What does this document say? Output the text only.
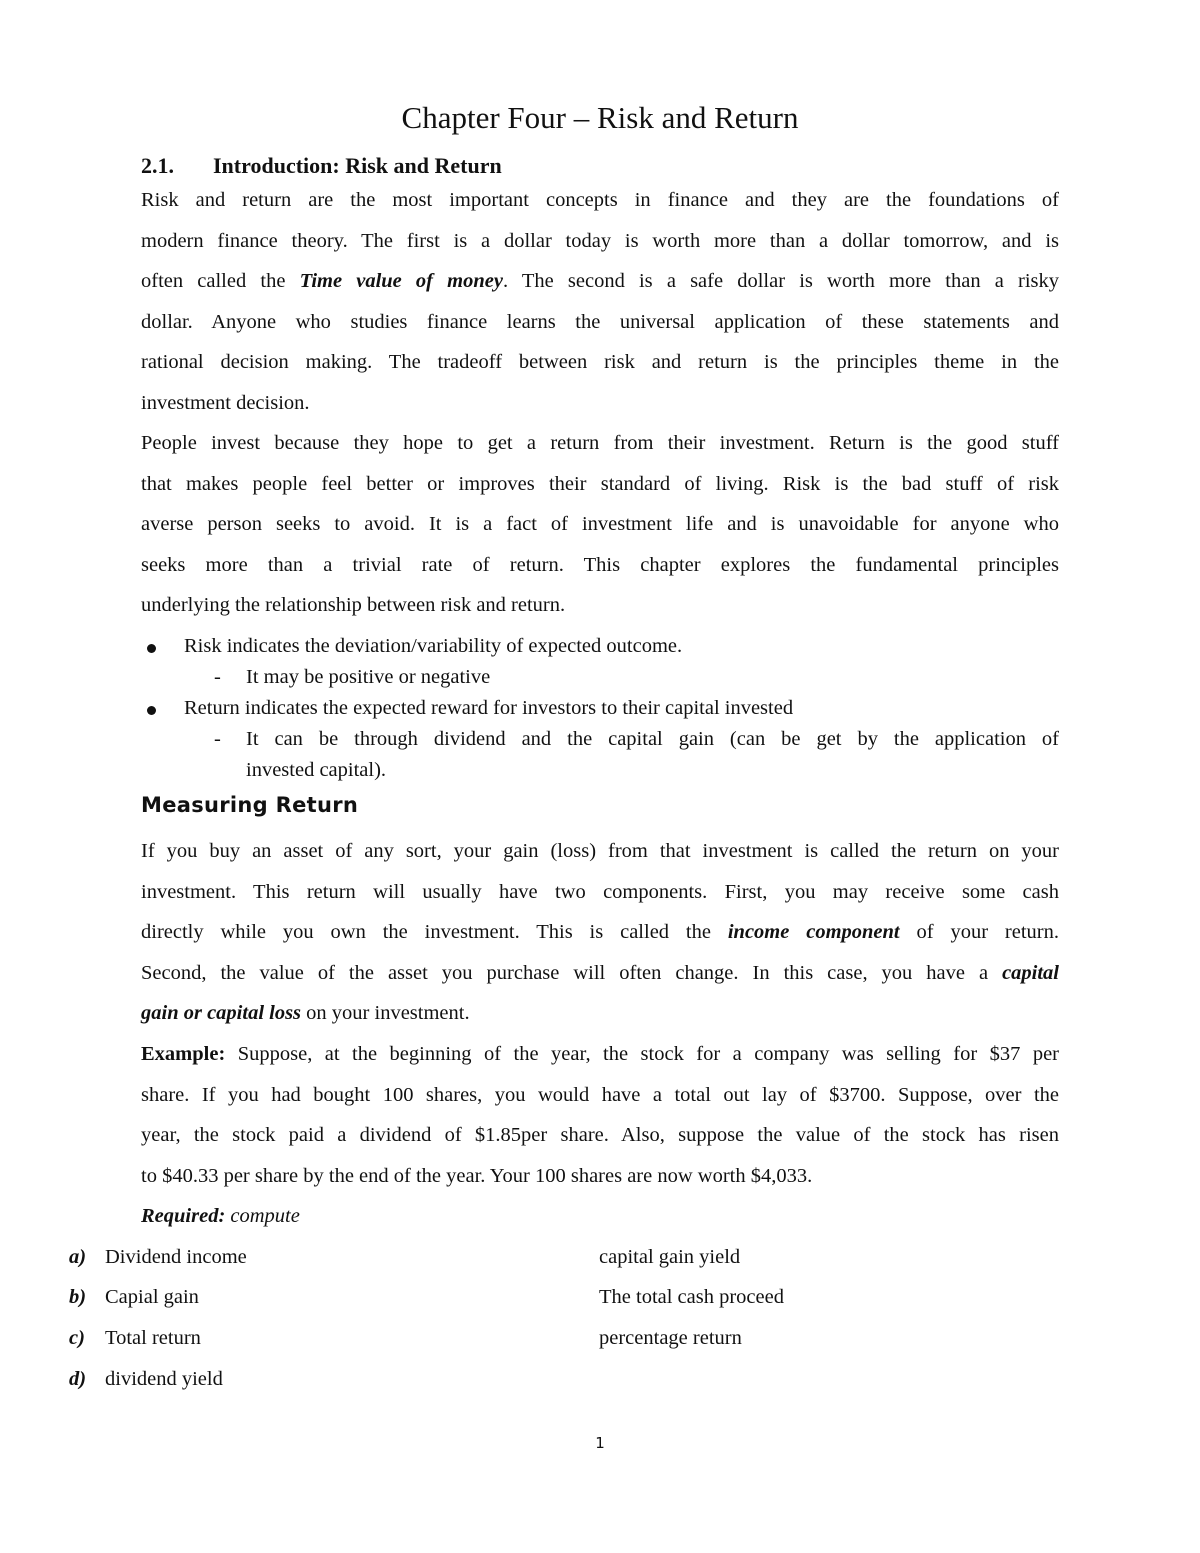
Chapter Four – Risk and Return
2.1. Introduction: Risk and Return
Risk and return are the most important concepts in finance and they are the foundations of
modern finance theory. The first is a dollar today is worth more than a dollar tomorrow, and is
often called the Time value of money. The second is a safe dollar is worth more than a risky
dollar. Anyone who studies finance learns the universal application of these statements and
rational decision making. The tradeoff between risk and return is the principles theme in the
investment decision.
People invest because they hope to get a return from their investment. Return is the good stuff
that makes people feel better or improves their standard of living. Risk is the bad stuff of risk
averse person seeks to avoid. It is a fact of investment life and is unavoidable for anyone who
seeks more than a trivial rate of return. This chapter explores the fundamental principles
underlying the relationship between risk and return.
Risk indicates the deviation/variability of expected outcome.
- It may be positive or negative
Return indicates the expected reward for investors to their capital invested
- It can be through dividend and the capital gain (can be get by the application of
invested capital).
Measuring Return
If you buy an asset of any sort, your gain (loss) from that investment is called the return on your
investment. This return will usually have two components. First, you may receive some cash
directly while you own the investment. This is called the income component of your return.
Second, the value of the asset you purchase will often change. In this case, you have a capital
gain or capital loss on your investment.
Example: Suppose, at the beginning of the year, the stock for a company was selling for $37 per
share. If you had bought 100 shares, you would have a total out lay of $3700. Suppose, over the
year, the stock paid a dividend of $1.85per share. Also, suppose the value of the stock has risen
to $40.33 per share by the end of the year. Your 100 shares are now worth $4,033.
Required: compute
a) Dividend income	capital gain yield
b) Capial gain	The total cash proceed
c) Total return	percentage return
d) dividend yield
1
